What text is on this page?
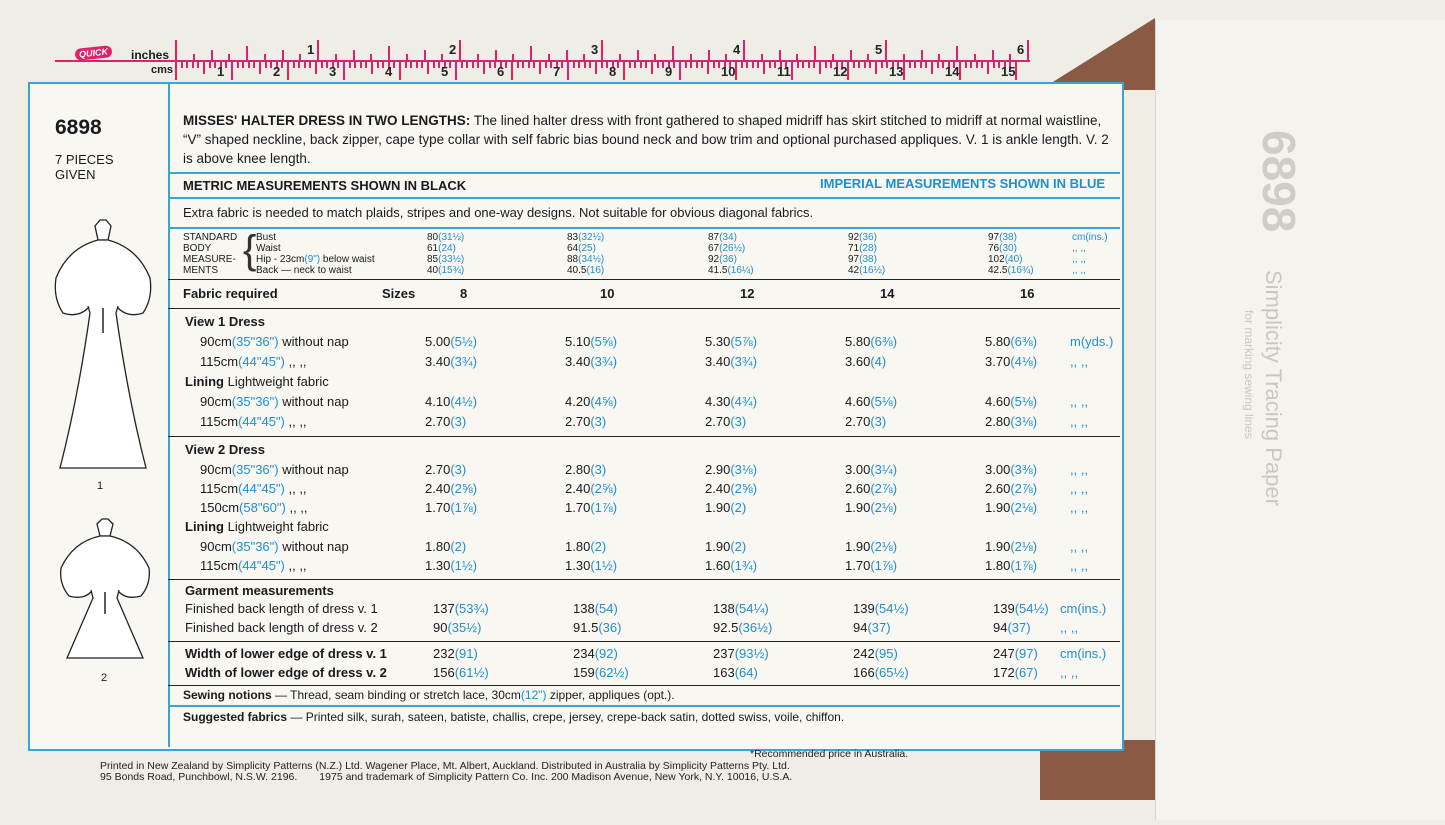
6898
Simplicity Tracing Paper
for marking sewing lines
QUICK	inches
cms
1	2	3	4	5	6
1	2	3	4	5	6	7	8	9	10	11	12	13	14	15
6898
7 PIECES GIVEN
1
2
MISSES' HALTER DRESS IN TWO LENGTHS: The lined halter dress with front gathered to shaped midriff has skirt stitched to midriff at normal waistline, “V” shaped neckline, back zipper, cape type collar with self fabric bias bound neck and bow trim and optional purchased appliques. V. 1 is ankle length. V. 2 is above knee length.
METRIC MEASUREMENTS SHOWN IN BLACK	IMPERIAL MEASUREMENTS SHOWN IN BLUE
Extra fabric is needed to match plaids, stripes and one-way designs. Not suitable for obvious diagonal fabrics.
STANDARD
BODY
MEASURE-
MENTS
Bust	80(31½)	83(32½)	87(34)	92(36)	97(38)	cm(ins.)
Waist	61(24)	64(25)	67(26½)	71(28)	76(30)	,, ,,
Hip - 23cm(9") below waist	85(33½)	88(34½)	92(36)	97(38)	102(40)	,, ,,
Back — neck to waist	40(15¾)	40.5(16)	41.5(16¼)	42(16½)	42.5(16¾)	,, ,,
{
Fabric required	Sizes	8	10	12	14	16
View 1 Dress
90cm(35"36") without nap	5.00(5½)	5.10(5⅝)	5.30(5⅞)	5.80(6⅜)	5.80(6⅜)	m(yds.)
115cm(44"45") ,, ,,	3.40(3¾)	3.40(3¾)	3.40(3¾)	3.60(4)	3.70(4⅛)	,, ,,
Lining Lightweight fabric
90cm(35"36") without nap	4.10(4½)	4.20(4⅝)	4.30(4¾)	4.60(5⅛)	4.60(5⅛)	,, ,,
115cm(44"45") ,, ,,	2.70(3)	2.70(3)	2.70(3)	2.70(3)	2.80(3⅛)	,, ,,
View 2 Dress
90cm(35"36") without nap	2.70(3)	2.80(3)	2.90(3⅛)	3.00(3¼)	3.00(3⅜)	,, ,,
115cm(44"45") ,, ,,	2.40(2⅝)	2.40(2⅝)	2.40(2⅝)	2.60(2⅞)	2.60(2⅞)	,, ,,
150cm(58"60") ,, ,,	1.70(1⅞)	1.70(1⅞)	1.90(2)	1.90(2⅛)	1.90(2⅛)	,, ,,
Lining Lightweight fabric
90cm(35"36") without nap	1.80(2)	1.80(2)	1.90(2)	1.90(2⅛)	1.90(2⅛)	,, ,,
115cm(44"45") ,, ,,	1.30(1½)	1.30(1½)	1.60(1¾)	1.70(1⅞)	1.80(1⅞)	,, ,,
Garment measurements
Finished back length of dress v. 1	137(53¾)	138(54)	138(54¼)	139(54½)	139(54½) cm(ins.)
Finished back length of dress v. 2	90(35½)	91.5(36)	92.5(36½)	94(37)	94(37) ,, ,,
Width of lower edge of dress v. 1	232(91)	234(92)	237(93½)	242(95)	247(97) cm(ins.)
Width of lower edge of dress v. 2	156(61½)	159(62½)	163(64)	166(65½)	172(67) ,, ,,
Sewing notions — Thread, seam binding or stretch lace, 30cm(12") zipper, appliques (opt.).
Suggested fabrics — Printed silk, surah, sateen, batiste, challis, crepe, jersey, crepe-back satin, dotted swiss, voile, chiffon.
*Recommended price in Australia.
Printed in New Zealand by Simplicity Patterns (N.Z.) Ltd. Wagener Place, Mt. Albert, Auckland. Distributed in Australia by Simplicity Patterns Pty. Ltd.
95 Bonds Road, Punchbowl, N.S.W. 2196. 1975 and trademark of Simplicity Pattern Co. Inc. 200 Madison Avenue, New York, N.Y. 10016, U.S.A.
